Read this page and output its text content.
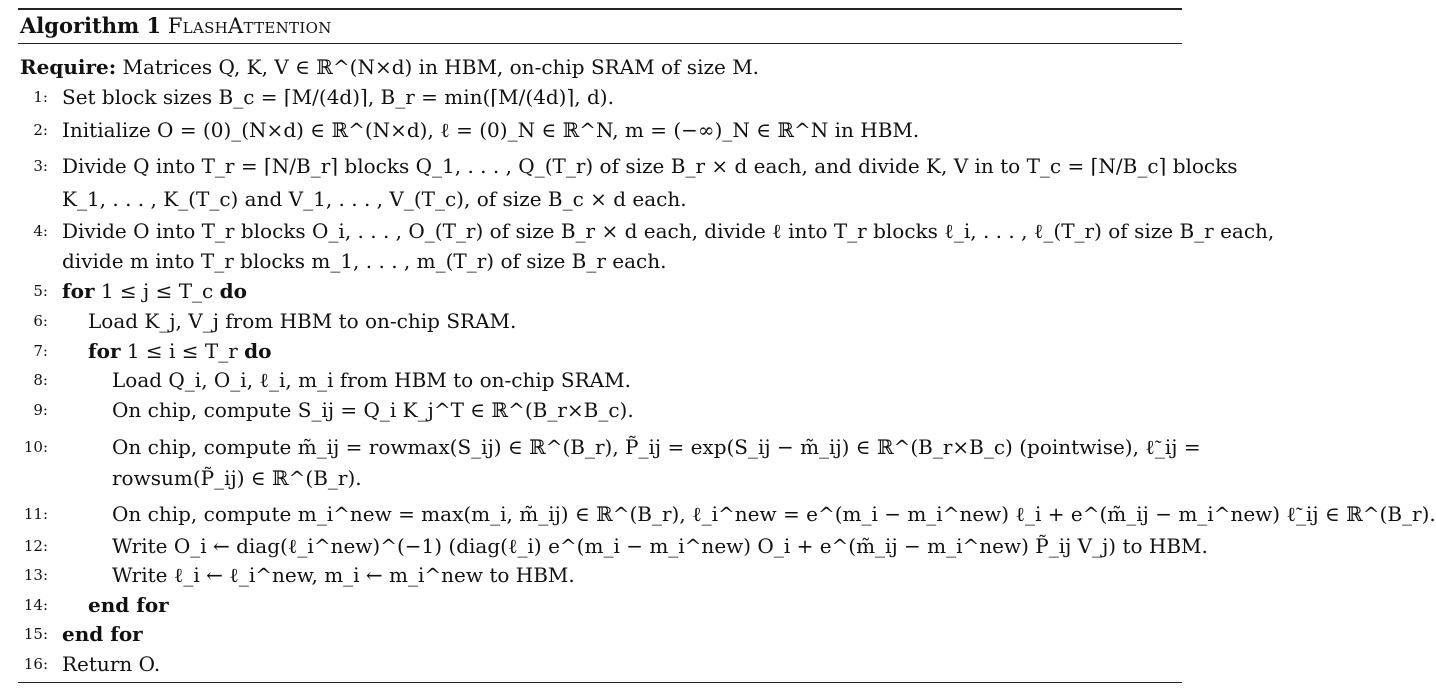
Algorithm 1 FlashAttention
Require: Matrices Q, K, V ∈ ℝ^(N×d) in HBM, on-chip SRAM of size M.
1: Set block sizes B_c = ⌈M/(4d)⌉, B_r = min(⌈M/(4d)⌉, d).
2: Initialize O = (0)_(N×d) ∈ ℝ^(N×d), ℓ = (0)_N ∈ ℝ^N, m = (−∞)_N ∈ ℝ^N in HBM.
3: Divide Q into T_r = ⌈N/B_r⌉ blocks Q_1, . . . , Q_(T_r) of size B_r × d each, and divide K, V in to T_c = ⌈N/B_c⌉ blocks
K_1, . . . , K_(T_c) and V_1, . . . , V_(T_c), of size B_c × d each.
4: Divide O into T_r blocks O_i, . . . , O_(T_r) of size B_r × d each, divide ℓ into T_r blocks ℓ_i, . . . , ℓ_(T_r) of size B_r each,
divide m into T_r blocks m_1, . . . , m_(T_r) of size B_r each.
5: for 1 ≤ j ≤ T_c do
6: Load K_j, V_j from HBM to on-chip SRAM.
7: for 1 ≤ i ≤ T_r do
8:	Load Q_i, O_i, ℓ_i, m_i from HBM to on-chip SRAM.
9:	On chip, compute S_ij = Q_i K_j^T ∈ ℝ^(B_r×B_c).
10:	On chip, compute m̃_ij = rowmax(S_ij) ∈ ℝ^(B_r), P̃_ij = exp(S_ij − m̃_ij) ∈ ℝ^(B_r×B_c) (pointwise), ℓ̃_ij =
rowsum(P̃_ij) ∈ ℝ^(B_r).
11:	On chip, compute m_i^new = max(m_i, m̃_ij) ∈ ℝ^(B_r), ℓ_i^new = e^(m_i − m_i^new) ℓ_i + e^(m̃_ij − m_i^new) ℓ̃_ij ∈ ℝ^(B_r).
12:	Write O_i ← diag(ℓ_i^new)^(−1) (diag(ℓ_i) e^(m_i − m_i^new) O_i + e^(m̃_ij − m_i^new) P̃_ij V_j) to HBM.
13:	Write ℓ_i ← ℓ_i^new, m_i ← m_i^new to HBM.
14: end for
15: end for
16: Return O.
